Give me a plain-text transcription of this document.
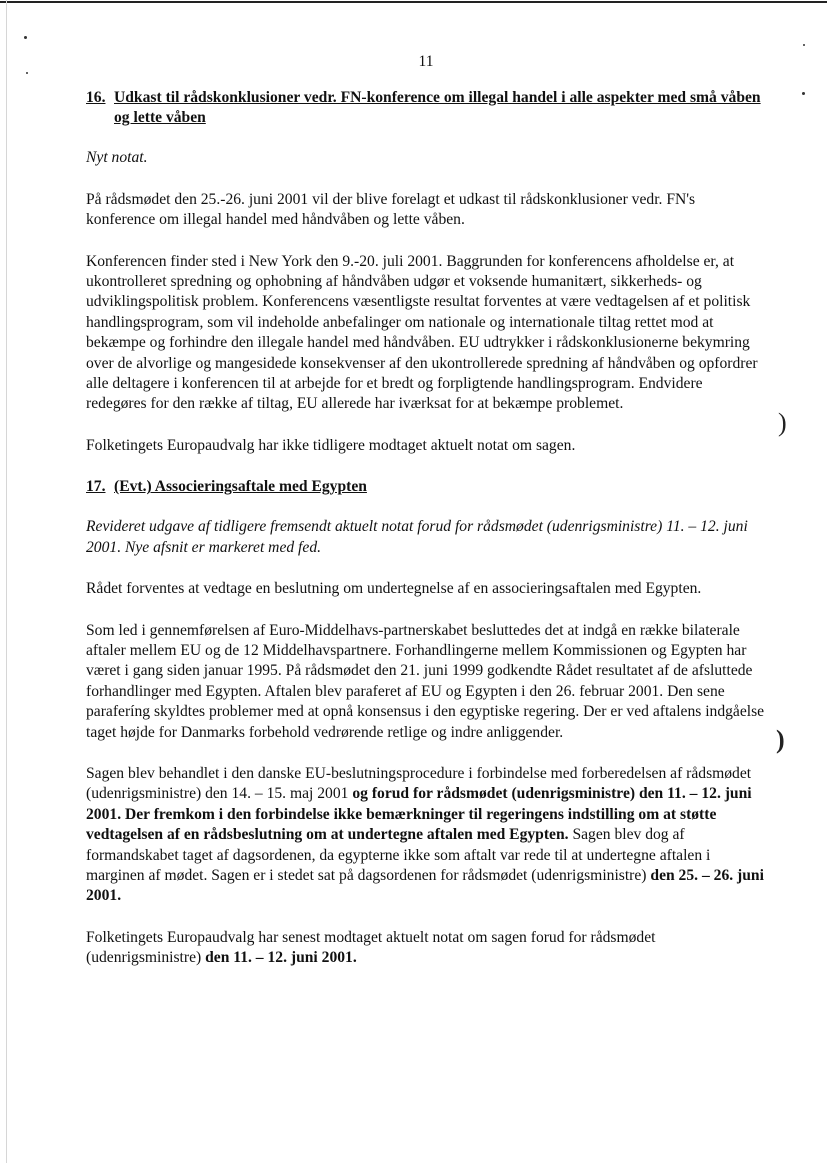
)
)
11
16. Udkast til rådskonklusioner vedr. FN-konference om illegal handel i alle aspekter med små våben og lette våben

Nyt notat.

På rådsmødet den 25.-26. juni 2001 vil der blive forelagt et udkast til rådskonklusioner vedr. FN's konference om illegal handel med håndvåben og lette våben.

Konferencen finder sted i New York den 9.-20. juli 2001. Baggrunden for konferencens afholdelse er, at ukontrolleret spredning og ophobning af håndvåben udgør et voksende humanitært, sikkerheds- og udviklingspolitisk problem. Konferencens væsentligste resultat forventes at være vedtagelsen af et politisk handlingsprogram, som vil indeholde anbefalinger om nationale og internationale tiltag rettet mod at bekæmpe og forhindre den illegale handel med håndvåben. EU udtrykker i rådskonklusionerne bekymring over de alvorlige og mangesidede konsekvenser af den ukontrollerede spredning af håndvåben og opfordrer alle deltagere i konferencen til at arbejde for et bredt og forpligtende handlingsprogram. Endvidere redegøres for den række af tiltag, EU allerede har iværksat for at bekæmpe problemet.

Folketingets Europaudvalg har ikke tidligere modtaget aktuelt notat om sagen.

17. (Evt.) Associeringsaftale med Egypten

Revideret udgave af tidligere fremsendt aktuelt notat forud for rådsmødet (udenrigsministre) 11. – 12. juni 2001. Nye afsnit er markeret med fed.

Rådet forventes at vedtage en beslutning om undertegnelse af en associeringsaftalen med Egypten.

Som led i gennemførelsen af Euro-Middelhavs-partnerskabet besluttedes det at indgå en række bilaterale aftaler mellem EU og de 12 Middelhavspartnere. Forhandlingerne mellem Kommissionen og Egypten har været i gang siden januar 1995. På rådsmødet den 21. juni 1999 godkendte Rådet resultatet af de afsluttede forhandlinger med Egypten. Aftalen blev paraferet af EU og Egypten i den 26. februar 2001. Den sene paraferíng skyldtes problemer med at opnå konsensus i den egyptiske regering. Der er ved aftalens indgåelse taget højde for Danmarks forbehold vedrørende retlige og indre anliggender.

Sagen blev behandlet i den danske EU-beslutningsprocedure i forbindelse med forberedelsen af rådsmødet (udenrigsministre) den 14. – 15. maj 2001 og forud for rådsmødet (udenrigsministre) den 11. – 12. juni 2001. Der fremkom i den forbindelse ikke bemærkninger til regeringens indstilling om at støtte vedtagelsen af en rådsbeslutning om at undertegne aftalen med Egypten. Sagen blev dog af formandskabet taget af dagsordenen, da egypterne ikke som aftalt var rede til at undertegne aftalen i marginen af mødet. Sagen er i stedet sat på dagsordenen for rådsmødet (udenrigsministre) den 25. – 26. juni 2001.

Folketingets Europaudvalg har senest modtaget aktuelt notat om sagen forud for rådsmødet (udenrigsministre) den 11. – 12. juni 2001.
